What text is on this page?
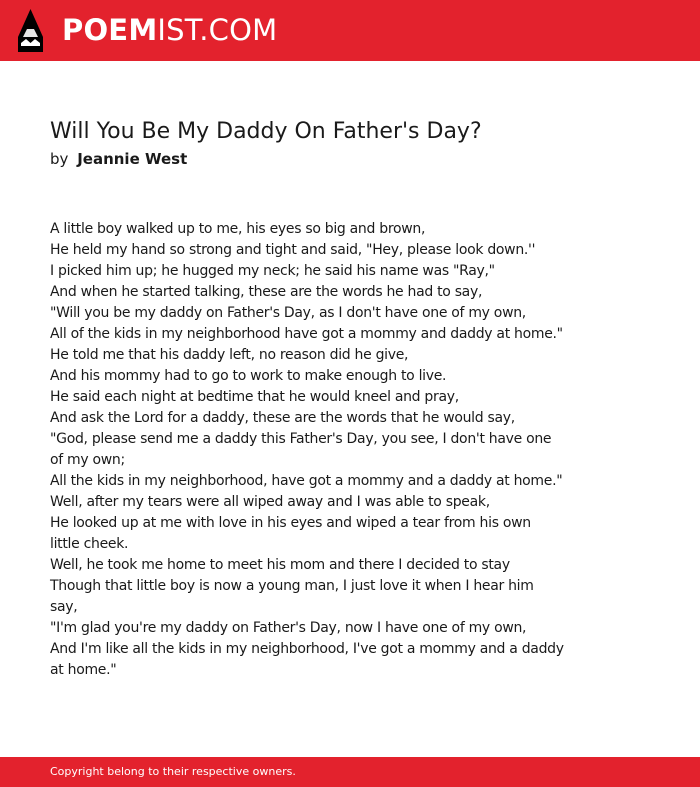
POEMIST.COM
Will You Be My Daddy On Father's Day?
by Jeannie West
A little boy walked up to me, his eyes so big and brown,
He held my hand so strong and tight and said, "Hey, please look down.''
I picked him up; he hugged my neck; he said his name was "Ray,"
And when he started talking, these are the words he had to say,
"Will you be my daddy on Father's Day, as I don't have one of my own,
All of the kids in my neighborhood have got a mommy and daddy at home."
He told me that his daddy left, no reason did he give,
And his mommy had to go to work to make enough to live.
He said each night at bedtime that he would kneel and pray,
And ask the Lord for a daddy, these are the words that he would say,
"God, please send me a daddy this Father's Day, you see, I don't have one
of my own;
All the kids in my neighborhood, have got a mommy and a daddy at home."
Well, after my tears were all wiped away and I was able to speak,
He looked up at me with love in his eyes and wiped a tear from his own
little cheek.
Well, he took me home to meet his mom and there I decided to stay
Though that little boy is now a young man, I just love it when I hear him
say,
"I'm glad you're my daddy on Father's Day, now I have one of my own,
And I'm like all the kids in my neighborhood, I've got a mommy and a daddy
at home."
Copyright belong to their respective owners.
